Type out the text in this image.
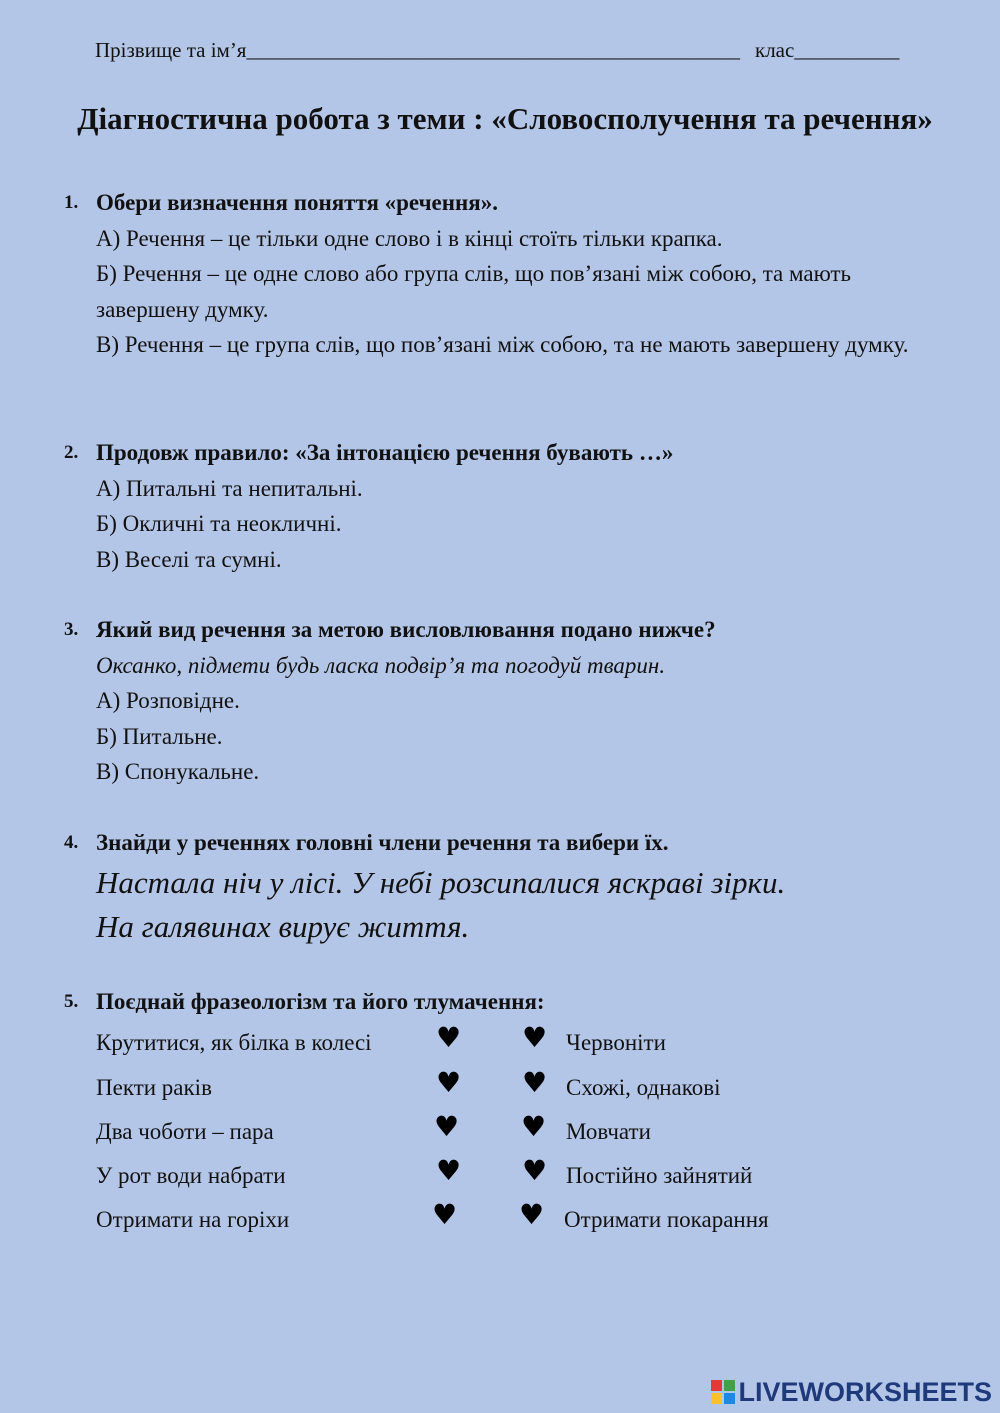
Прізвище та ім’я_______________________________________________ клас__________
Діагностична робота з теми : «Словосполучення та речення»
1. Обери визначення поняття «речення».
А) Речення – це тільки одне слово і в кінці стоїть тільки крапка.
Б) Речення – це одне слово або група слів, що пов’язані між собою, та мають завершену думку.
В) Речення – це група слів, що пов’язані між собою, та не мають завершену думку.
2. Продовж правило: «За інтонацією речення бувають …»
А) Питальні та непитальні.
Б) Окличні та неокличні.
В) Веселі та сумні.
3. Який вид речення за метою висловлювання подано нижче?
Оксанко, підмети будь ласка подвір’я та погодуй тварин.
А) Розповідне.
Б) Питальне.
В) Спонукальне.
4. Знайди у реченнях головні члени речення та вибери їх.
Настала ніч у лісі. У небі розсипалися яскраві зірки.
На галявинах вирує життя.
5. Поєднай фразеологізм та його тлумачення:
Крутитися, як білка в колесі ♥ ♥ Червоніти
Пекти раків	♥ ♥ Схожі, однакові
Два чоботи – пара	♥ ♥ Мовчати
У рот води набрати	♥ ♥ Постійно зайнятий
Отримати на горіхи	♥ ♥ Отримати покарання
LIVEWORKSHEETS
